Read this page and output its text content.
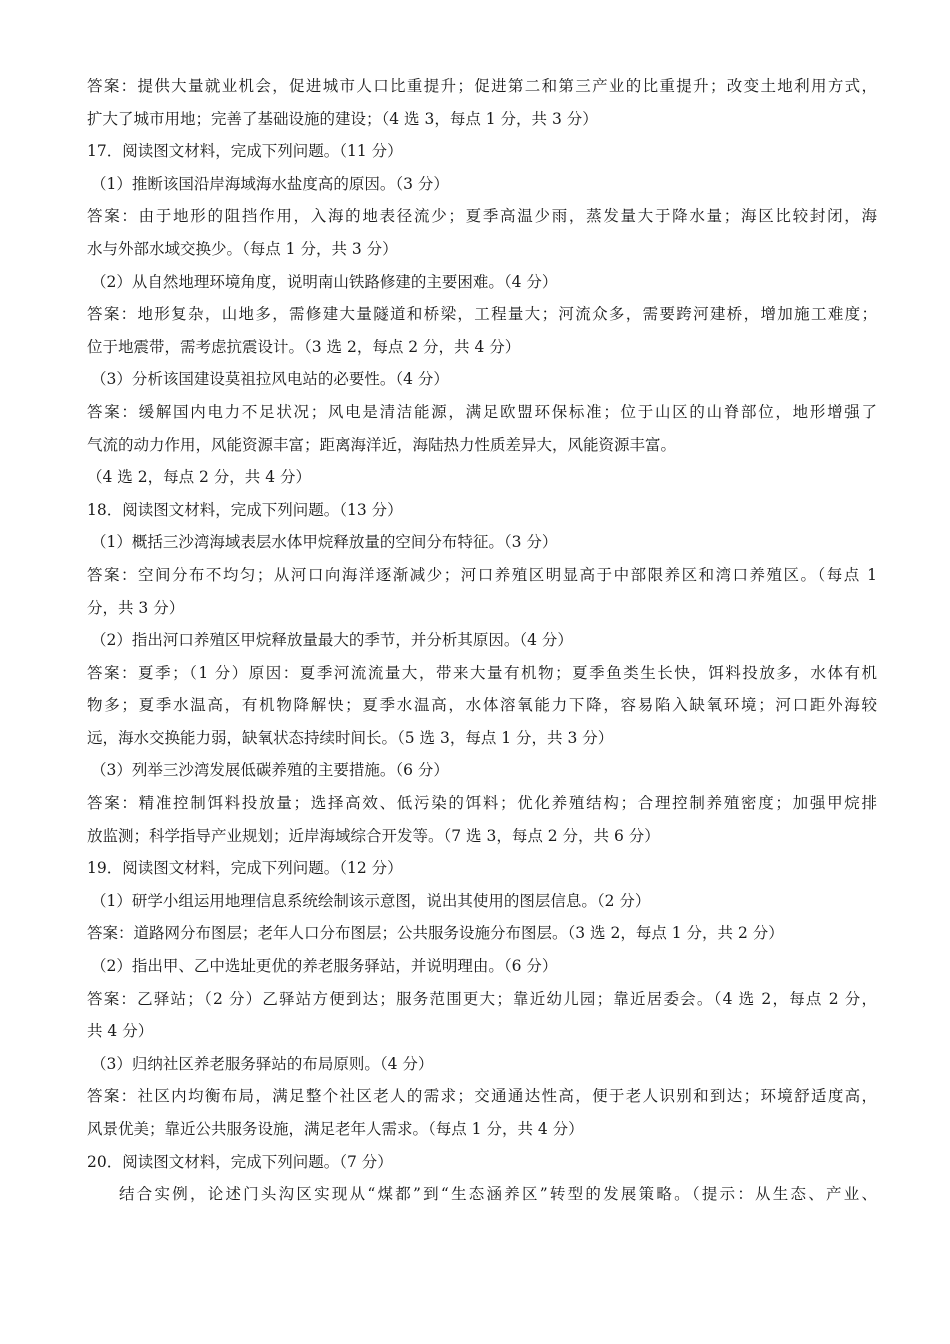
答案：提供大量就业机会，促进城市人口比重提升；促进第二和第三产业的比重提升；改变土地利用方式，
扩大了城市用地；完善了基础设施的建设；（4 选 3，每点 1 分，共 3 分）
17．阅读图文材料，完成下列问题。（11 分）
（1）推断该国沿岸海域海水盐度高的原因。（3 分）
答案：由于地形的阻挡作用，入海的地表径流少；夏季高温少雨，蒸发量大于降水量；海区比较封闭，海
水与外部水域交换少。（每点 1 分，共 3 分）
（2）从自然地理环境角度，说明南山铁路修建的主要困难。（4 分）
答案：地形复杂，山地多，需修建大量隧道和桥梁，工程量大；河流众多，需要跨河建桥，增加施工难度；
位于地震带，需考虑抗震设计。（3 选 2，每点 2 分，共 4 分）
（3）分析该国建设莫祖拉风电站的必要性。（4 分）
答案：缓解国内电力不足状况；风电是清洁能源，满足欧盟环保标准；位于山区的山脊部位，地形增强了
气流的动力作用，风能资源丰富；距离海洋近，海陆热力性质差异大，风能资源丰富。
（4 选 2，每点 2 分，共 4 分）
18．阅读图文材料，完成下列问题。（13 分）
（1）概括三沙湾海域表层水体甲烷释放量的空间分布特征。（3 分）
答案：空间分布不均匀；从河口向海洋逐渐减少；河口养殖区明显高于中部限养区和湾口养殖区。（每点 1
分，共 3 分）
（2）指出河口养殖区甲烷释放量最大的季节，并分析其原因。（4 分）
答案：夏季；（1 分）原因：夏季河流流量大，带来大量有机物；夏季鱼类生长快，饵料投放多，水体有机
物多；夏季水温高，有机物降解快；夏季水温高，水体溶氧能力下降，容易陷入缺氧环境；河口距外海较
远，海水交换能力弱，缺氧状态持续时间长。（5 选 3，每点 1 分，共 3 分）
（3）列举三沙湾发展低碳养殖的主要措施。（6 分）
答案：精准控制饵料投放量；选择高效、低污染的饵料；优化养殖结构；合理控制养殖密度；加强甲烷排
放监测；科学指导产业规划；近岸海域综合开发等。（7 选 3，每点 2 分，共 6 分）
19．阅读图文材料，完成下列问题。（12 分）
（1）研学小组运用地理信息系统绘制该示意图，说出其使用的图层信息。（2 分）
答案：道路网分布图层；老年人口分布图层；公共服务设施分布图层。（3 选 2，每点 1 分，共 2 分）
（2）指出甲、乙中选址更优的养老服务驿站，并说明理由。（6 分）
答案：乙驿站；（2 分）乙驿站方便到达；服务范围更大；靠近幼儿园；靠近居委会。（4 选 2，每点 2 分，
共 4 分）
（3）归纳社区养老服务驿站的布局原则。（4 分）
答案：社区内均衡布局，满足整个社区老人的需求；交通通达性高，便于老人识别和到达；环境舒适度高，
风景优美；靠近公共服务设施，满足老年人需求。（每点 1 分，共 4 分）
20．阅读图文材料，完成下列问题。（7 分）
结合实例，论述门头沟区实现从“煤都”到“生态涵养区”转型的发展策略。（提示：从生态、产业、
